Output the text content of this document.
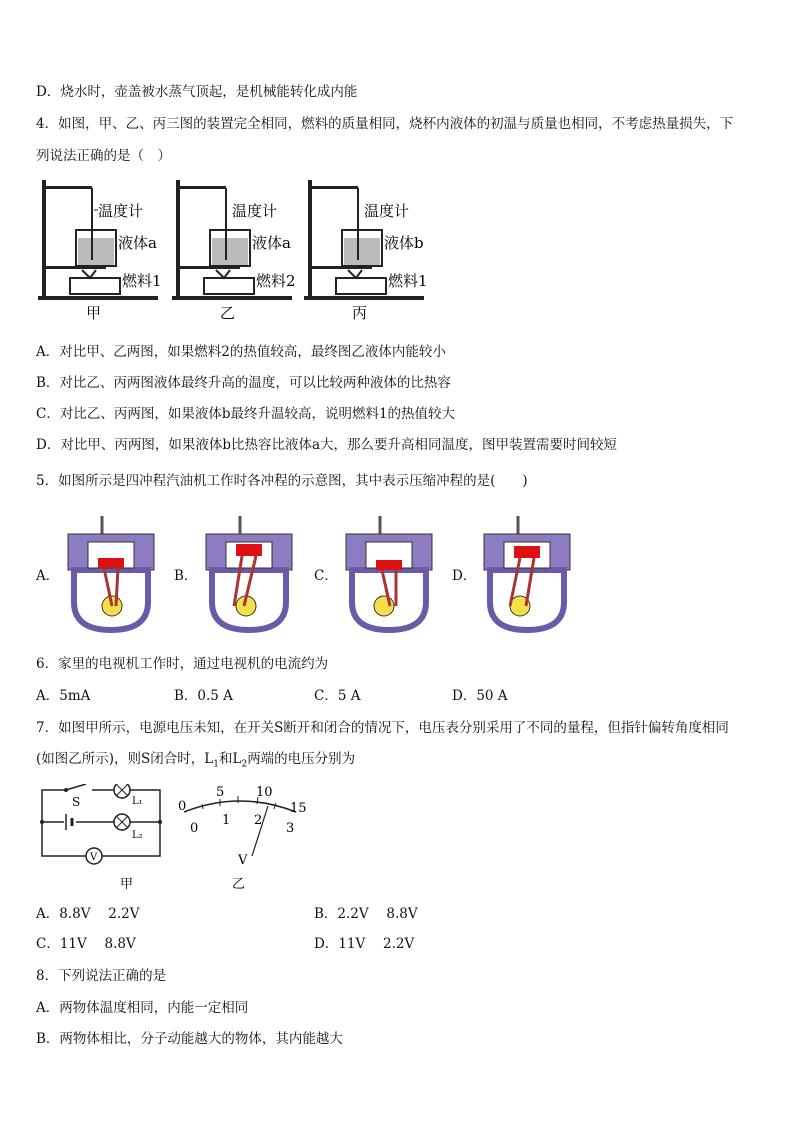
D．烧水时，壶盖被水蒸气顶起，是机械能转化成内能
4．如图，甲、乙、丙三图的装置完全相同，燃料的质量相同，烧杯内液体的初温与质量也相同，不考虑热量损失，下
列说法正确的是（　）
温度计
液体a
燃料1
甲
温度计
液体a
燃料2
乙
温度计
液体b
燃料1
丙
A．对比甲、乙两图，如果燃料2的热值较高，最终图乙液体内能较小
B．对比乙、丙两图液体最终升高的温度，可以比较两种液体的比热容
C．对比乙、丙两图，如果液体b最终升温较高，说明燃料1的热值较大
D．对比甲、丙两图，如果液体b比热容比液体a大，那么要升高相同温度，图甲装置需要时间较短
5．如图所示是四冲程汽油机工作时各冲程的示意图，其中表示压缩冲程的是(　　)
A．	B．	C．	D．
6．家里的电视机工作时，通过电视机的电流约为
A．5mA	B．0.5 A	C．5 A	D．50 A
7．如图甲所示，电源电压未知，在开关S断开和闭合的情况下，电压表分别采用了不同的量程，但指针偏转角度相同
(如图乙所示)，则S闭合时，$L_1$和$L_2$两端的电压分别为
S	L₁
L₂
V
甲
0
5 10
15
0
1 2
3
V
乙
A．8.8V　 2.2V	B．2.2V　 8.8V
C．11V　 8.8V	D．11V　 2.2V
8．下列说法正确的是
A．两物体温度相同，内能一定相同
B．两物体相比，分子动能越大的物体，其内能越大
